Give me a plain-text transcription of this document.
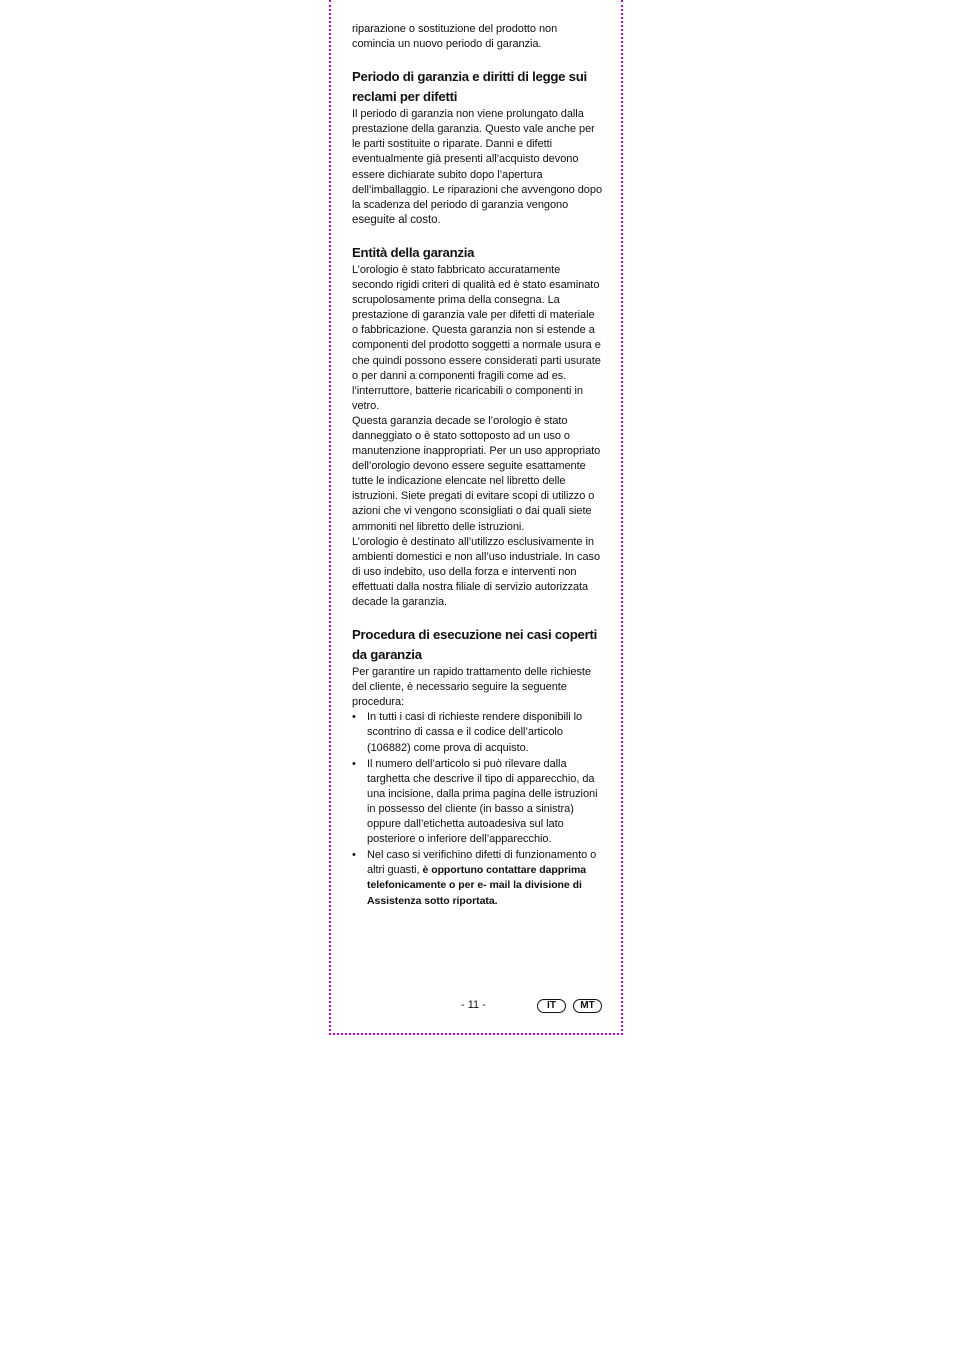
riparazione o sostituzione del prodotto non comincia un nuovo periodo di garanzia.

Periodo di garanzia e diritti di legge sui reclami per difetti

Il periodo di garanzia non viene prolungato dalla prestazione della garanzia. Questo vale anche per le parti sostituite o riparate. Danni e difetti eventualmente già presenti all’acquisto devono essere dichiarate subito dopo l’apertura dell’imballaggio. Le riparazioni che avvengono dopo la scadenza del periodo di garanzia vengono eseguite al costo.

Entità della garanzia

L’orologio è stato fabbricato accuratamente secondo rigidi criteri di qualità ed è stato esaminato scrupolosamente prima della consegna. La prestazione di garanzia vale per difetti di materiale o fabbricazione. Questa garanzia non si estende a componenti del prodotto soggetti a normale usura e che quindi possono essere considerati parti usurate o per danni a componenti fragili come ad es. l’interruttore, batterie ricaricabili o componenti in vetro.

Questa garanzia decade se l’orologio è stato danneggiato o è stato sottoposto ad un uso o manutenzione inappropriati. Per un uso appropriato dell’orologio devono essere seguite esattamente tutte le indicazione elencate nel libretto delle istruzioni. Siete pregati di evitare scopi di utilizzo o azioni che vi vengono sconsigliati o dai quali siete ammoniti nel libretto delle istruzioni.

L’orologio è destinato all’utilizzo esclusivamente in ambienti domestici e non all’uso industriale. In caso di uso indebito, uso della forza e interventi non effettuati dalla nostra filiale di servizio autorizzata decade la garanzia.

Procedura di esecuzione nei casi coperti da garanzia

Per garantire un rapido trattamento delle richieste del cliente, è necessario seguire la seguente procedura:

• In tutti i casi di richieste rendere disponibili lo scontrino di cassa e il codice dell’articolo (106882) come prova di acquisto.
• Il numero dell’articolo si può rilevare dalla targhetta che descrive il tipo di apparecchio, da una incisione, dalla prima pagina delle istruzioni in possesso del cliente (in basso a sinistra) oppure dall’etichetta autoadesiva sul lato posteriore o inferiore dell’apparecchio.
• Nel caso si verifichino difetti di funzionamento o altri guasti, è opportuno contattare dapprima telefonicamente o per e- mail la divisione di Assistenza sotto riportata.
- 11 -	IT	MT
